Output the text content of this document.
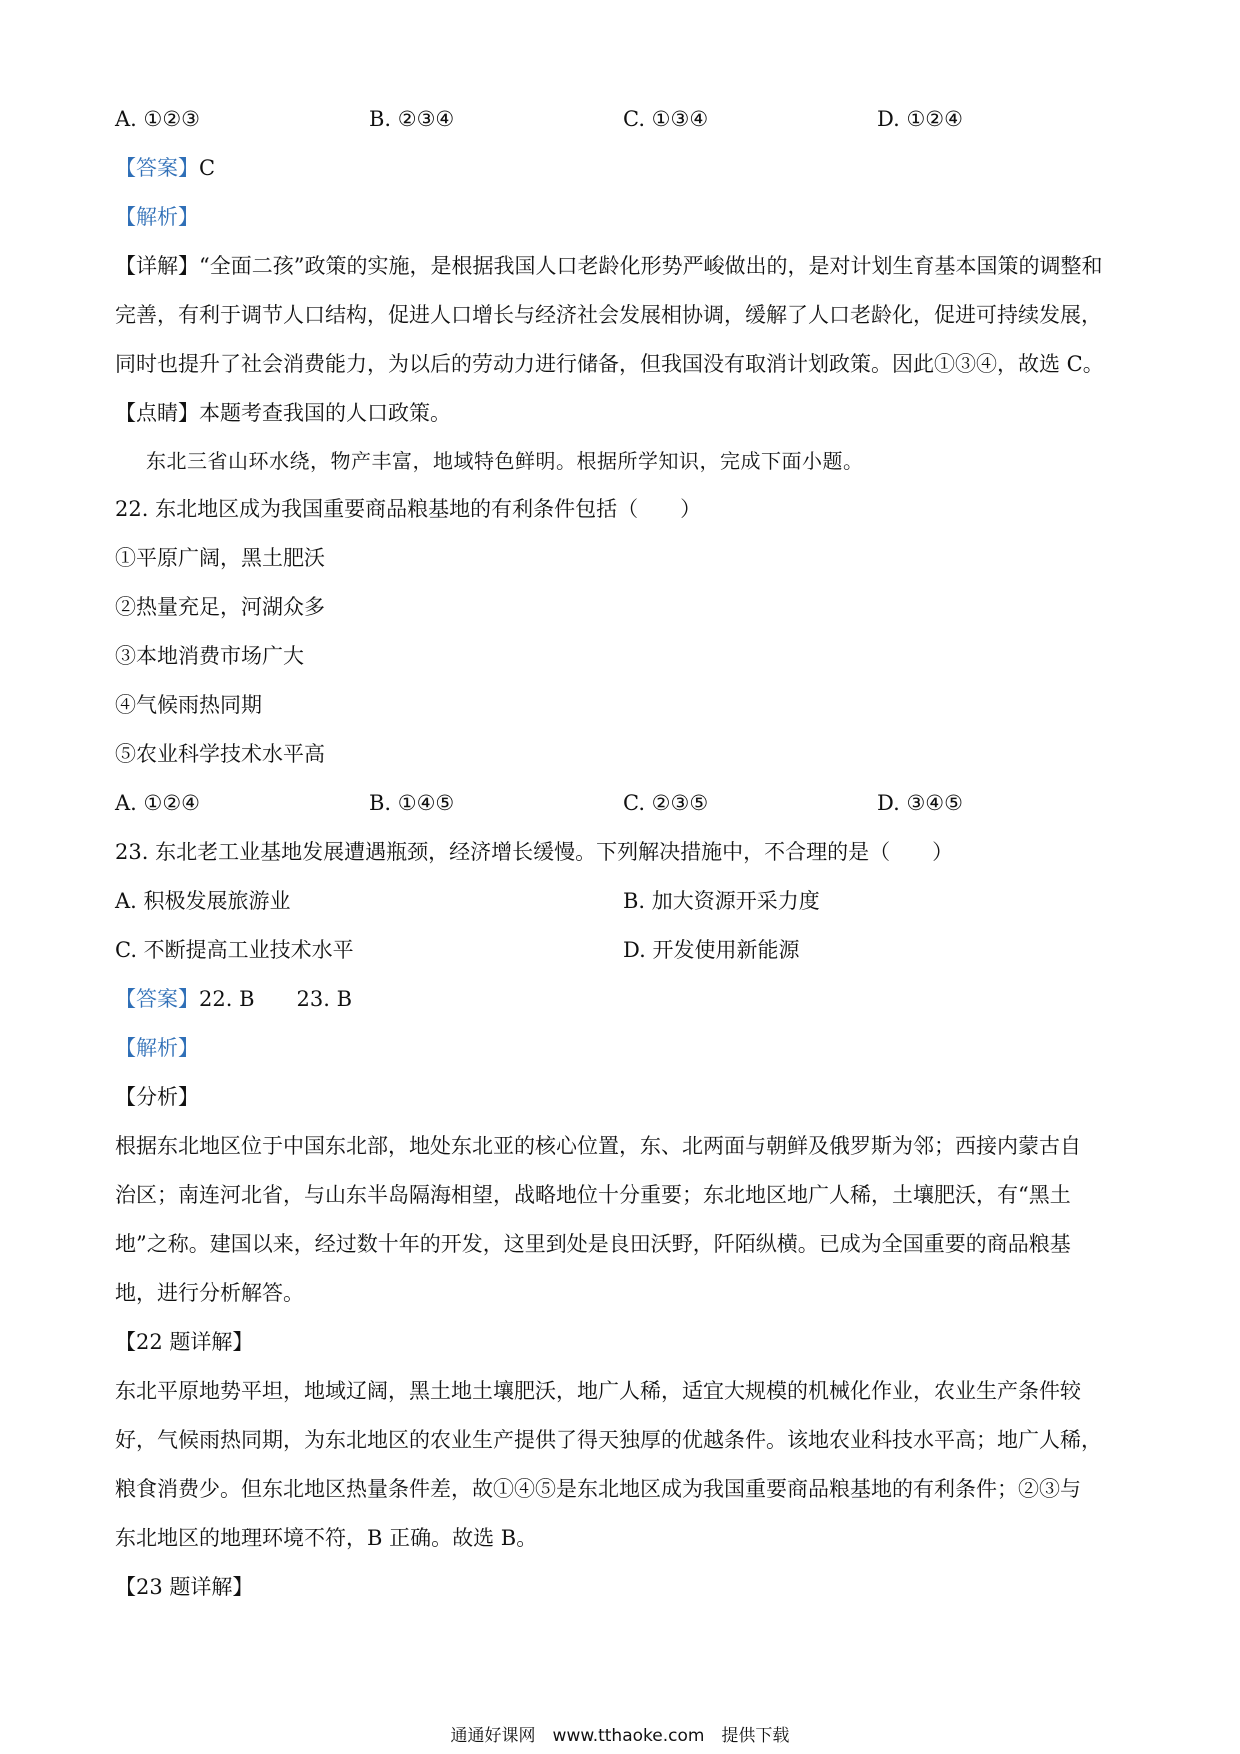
A. ①②③	B. ②③④	C. ①③④	D. ①②④
【答案】C
【解析】
【详解】“全面二孩”政策的实施，是根据我国人口老龄化形势严峻做出的，是对计划生育基本国策的调整和
完善，有利于调节人口结构，促进人口增长与经济社会发展相协调，缓解了人口老龄化，促进可持续发展，
同时也提升了社会消费能力，为以后的劳动力进行储备，但我国没有取消计划政策。因此①③④，故选 C。
【点睛】本题考查我国的人口政策。
东北三省山环水绕，物产丰富，地域特色鲜明。根据所学知识，完成下面小题。
22. 东北地区成为我国重要商品粮基地的有利条件包括（　　）
①平原广阔，黑土肥沃
②热量充足，河湖众多
③本地消费市场广大
④气候雨热同期
⑤农业科学技术水平高
A. ①②④	B. ①④⑤	C. ②③⑤	D. ③④⑤
23. 东北老工业基地发展遭遇瓶颈，经济增长缓慢。下列解决措施中，不合理的是（　　）
A. 积极发展旅游业	B. 加大资源开采力度
C. 不断提高工业技术水平	D. 开发使用新能源
【答案】22. B　　23. B
【解析】
【分析】
根据东北地区位于中国东北部，地处东北亚的核心位置，东、北两面与朝鲜及俄罗斯为邻；西接内蒙古自
治区；南连河北省，与山东半岛隔海相望，战略地位十分重要；东北地区地广人稀，土壤肥沃，有“黑土
地”之称。建国以来，经过数十年的开发，这里到处是良田沃野，阡陌纵横。已成为全国重要的商品粮基
地，进行分析解答。
【22 题详解】
东北平原地势平坦，地域辽阔，黑土地土壤肥沃，地广人稀，适宜大规模的机械化作业，农业生产条件较
好，气候雨热同期，为东北地区的农业生产提供了得天独厚的优越条件。该地农业科技水平高；地广人稀，
粮食消费少。但东北地区热量条件差，故①④⑤是东北地区成为我国重要商品粮基地的有利条件；②③与
东北地区的地理环境不符，B 正确。故选 B。
【23 题详解】
通通好课网　www.tthaoke.com　提供下载
